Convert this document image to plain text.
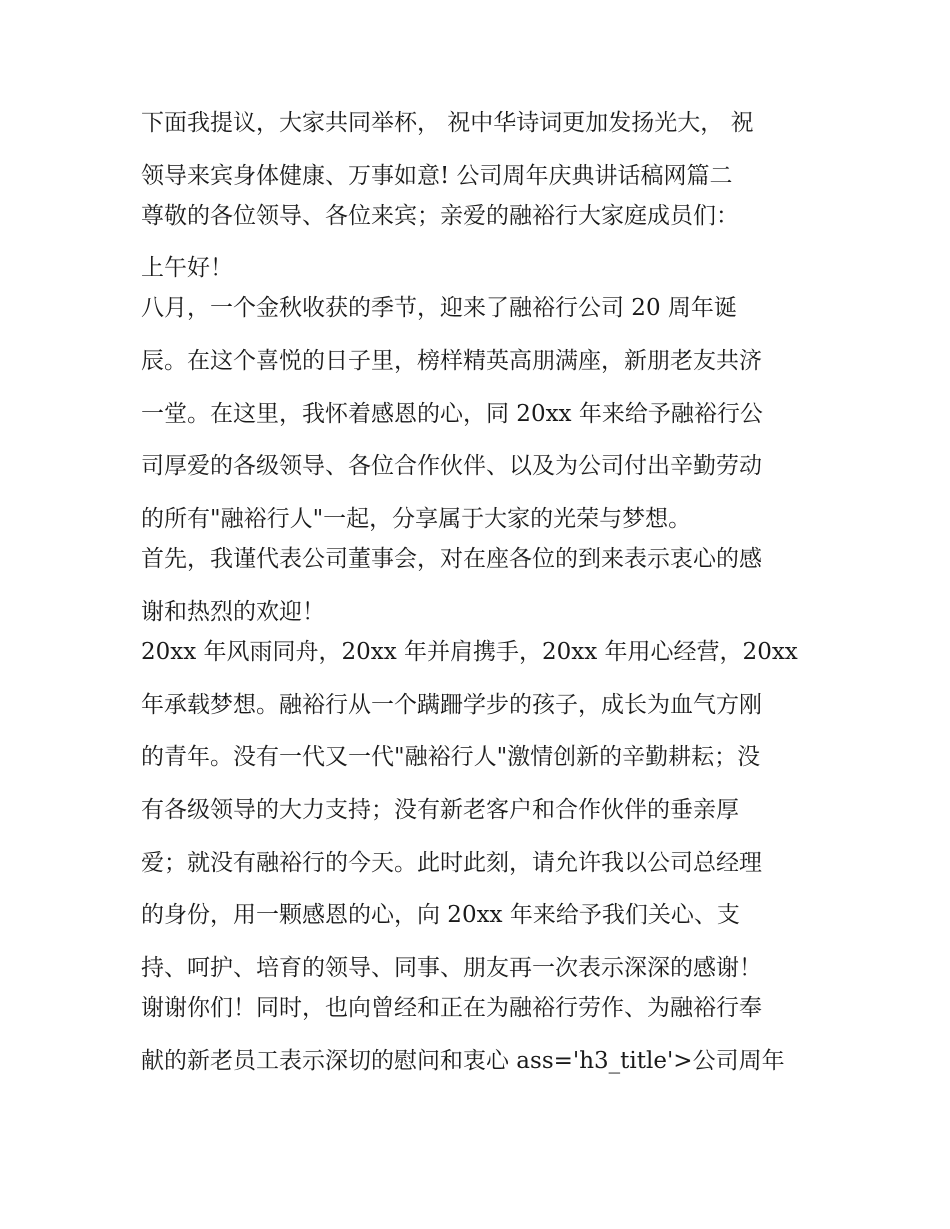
下面我提议，大家共同举杯， 祝中华诗词更加发扬光大， 祝
领导来宾身体健康、万事如意! 公司周年庆典讲话稿网篇二
尊敬的各位领导、各位来宾；亲爱的融裕行大家庭成员们：
上午好！
八月，一个金秋收获的季节，迎来了融裕行公司 20 周年诞
辰。在这个喜悦的日子里，榜样精英高朋满座，新朋老友共济
一堂。在这里，我怀着感恩的心，同 20xx 年来给予融裕行公
司厚爱的各级领导、各位合作伙伴、以及为公司付出辛勤劳动
的所有"融裕行人"一起，分享属于大家的光荣与梦想。
首先，我谨代表公司董事会，对在座各位的到来表示衷心的感
谢和热烈的欢迎！
20xx 年风雨同舟，20xx 年并肩携手，20xx 年用心经营，20xx
年承载梦想。融裕行从一个蹒跚学步的孩子，成长为血气方刚
的青年。没有一代又一代"融裕行人"激情创新的辛勤耕耘；没
有各级领导的大力支持；没有新老客户和合作伙伴的垂亲厚
爱；就没有融裕行的今天。此时此刻，请允许我以公司总经理
的身份，用一颗感恩的心，向 20xx 年来给予我们关心、支
持、呵护、培育的领导、同事、朋友再一次表示深深的感谢！
谢谢你们！同时，也向曾经和正在为融裕行劳作、为融裕行奉
献的新老员工表示深切的慰问和衷心 ass='h3_title'>公司周年
